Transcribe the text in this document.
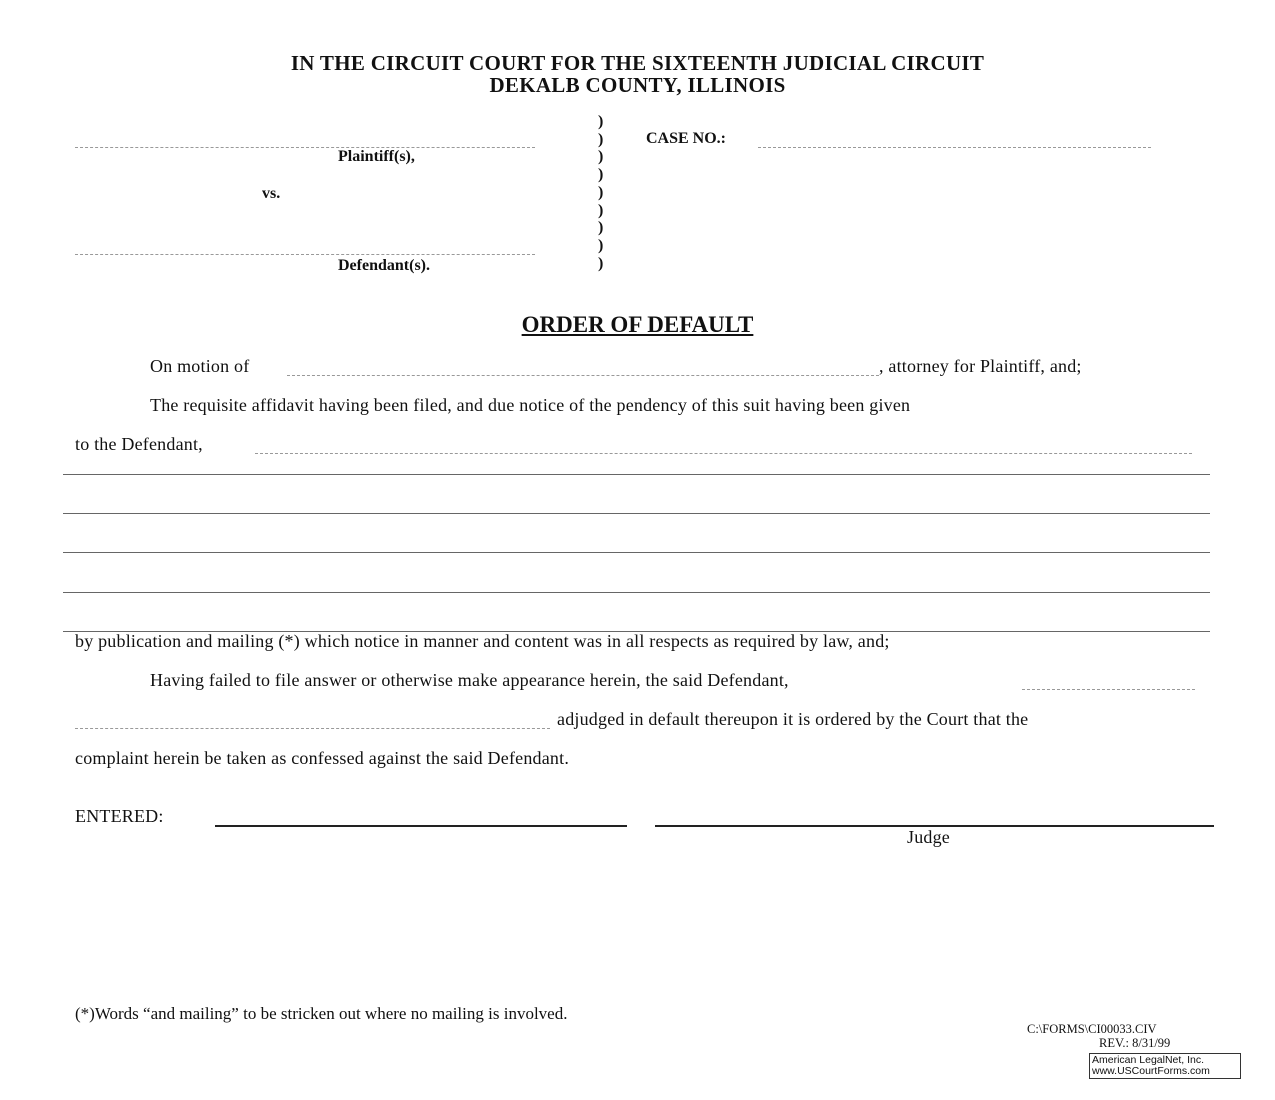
IN THE CIRCUIT COURT FOR THE SIXTEENTH JUDICIAL CIRCUIT
DEKALB COUNTY, ILLINOIS
Plaintiff(s),
vs.
Defendant(s).
)
)
)
)
)
)
)
)
)
CASE NO.:
ORDER OF DEFAULT
On motion of	, attorney for Plaintiff, and;
The requisite affidavit having been filed, and due notice of the pendency of this suit having been given
to the Defendant,
by publication and mailing (*) which notice in manner and content was in all respects as required by law, and;
Having failed to file answer or otherwise make appearance herein, the said Defendant,
adjudged in default thereupon it is ordered by the Court that the
complaint herein be taken as confessed against the said Defendant.
ENTERED:
Judge
(*)Words “and mailing” to be stricken out where no mailing is involved.
C:\FORMS\CI00033.CIV
REV.: 8/31/99
American LegalNet, Inc.
www.USCourtForms.com
